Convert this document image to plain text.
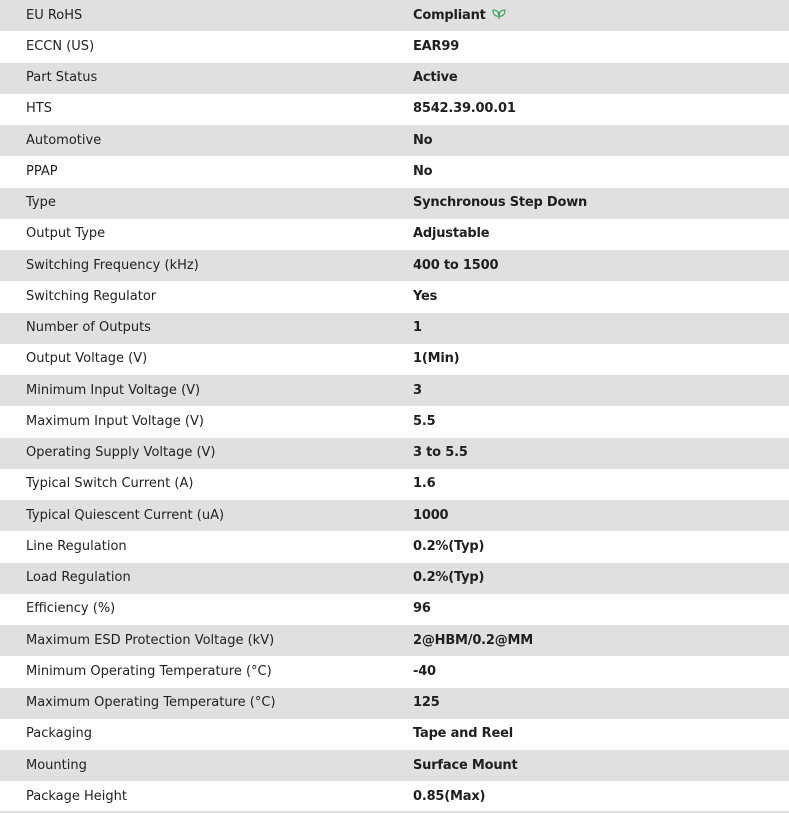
EU RoHS	Compliant
ECCN (US)	EAR99
Part Status	Active
HTS	8542.39.00.01
Automotive	No
PPAP	No
Type	Synchronous Step Down
Output Type	Adjustable
Switching Frequency (kHz)	400 to 1500
Switching Regulator	Yes
Number of Outputs	1
Output Voltage (V)	1(Min)
Minimum Input Voltage (V)	3
Maximum Input Voltage (V)	5.5
Operating Supply Voltage (V)	3 to 5.5
Typical Switch Current (A)	1.6
Typical Quiescent Current (uA)	1000
Line Regulation	0.2%(Typ)
Load Regulation	0.2%(Typ)
Efficiency (%)	96
Maximum ESD Protection Voltage (kV)	2@HBM/0.2@MM
Minimum Operating Temperature (°C)	-40
Maximum Operating Temperature (°C)	125
Packaging	Tape and Reel
Mounting	Surface Mount
Package Height	0.85(Max)
